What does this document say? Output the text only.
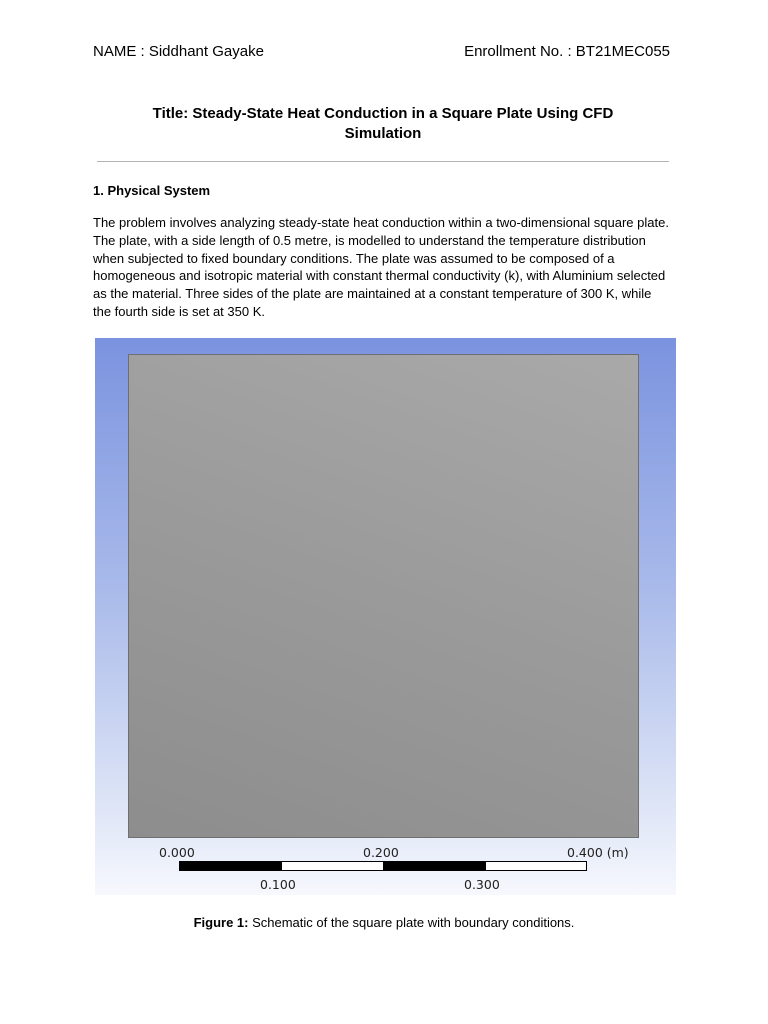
NAME : Siddhant Gayake	Enrollment No. : BT21MEC055
Title: Steady-State Heat Conduction in a Square Plate Using CFD
Simulation
1. Physical System
The problem involves analyzing steady-state heat conduction within a two-dimensional square plate. The plate, with a side length of 0.5 metre, is modelled to understand the temperature distribution when subjected to fixed boundary conditions. The plate was assumed to be composed of a homogeneous and isotropic material with constant thermal conductivity (k), with Aluminium selected as the material. Three sides of the plate are maintained at a constant temperature of 300 K, while the fourth side is set at 350 K.
0.000	0.200	0.400 (m)
0.100	0.300
Figure 1: Schematic of the square plate with boundary conditions.
